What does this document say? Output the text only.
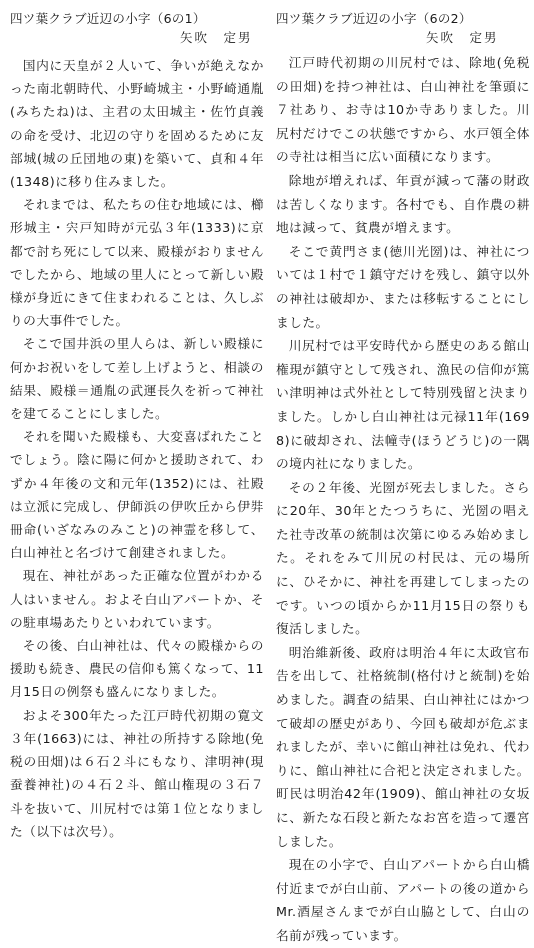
四ツ葉クラブ近辺の小字（6の1）

矢吹　定男

国内に天皇が２人いて、争いが絶えなかった南北朝時代、小野崎城主・小野崎通胤(みちたね)は、主君の太田城主・佐竹貞義の命を受け、北辺の守りを固めるために友部城(城の丘団地の東)を築いて、貞和４年(1348)に移り住みました。

それまでは、私たちの住む地域には、櫛形城主・宍戸知時が元弘３年(1333)に京都で討ち死にして以来、殿様がおりませんでしたから、地域の里人にとって新しい殿様が身近にきて住まわれることは、久しぶりの大事件でした。

そこで国井浜の里人らは、新しい殿様に何かお祝いをして差し上げようと、相談の結果、殿様＝通胤の武運長久を祈って神社を建てることにしました。

それを聞いた殿様も、大変喜ばれたことでしょう。陰に陽に何かと援助されて、わずか４年後の文和元年(1352)には、社殿は立派に完成し、伊師浜の伊吹丘から伊弉冊命(いざなみのみこと)の神霊を移して、白山神社と名づけて創建されました。

現在、神社があった正確な位置がわかる人はいません。およそ白山アパートか、その駐車場あたりといわれています。

その後、白山神社は、代々の殿様からの援助も続き、農民の信仰も篤くなって、11月15日の例祭も盛んになりました。

およそ300年たった江戸時代初期の寛文３年(1663)には、神社の所持する除地(免税の田畑)は６石２斗にもなり、津明神(現蚕養神社)の４石２斗、館山権現の３石７斗を抜いて、川尻村では第１位となりました（以下は次号）。

四ツ葉クラブ近辺の小字（6の2）

矢吹　定男

江戸時代初期の川尻村では、除地(免税の田畑)を持つ神社は、白山神社を筆頭に７社あり、お寺は10か寺ありました。川尻村だけでこの状態ですから、水戸領全体の寺社は相当に広い面積になります。

除地が増えれば、年貢が減って藩の財政は苦しくなります。各村でも、自作農の耕地は減って、貧農が増えます。

そこで黄門さま(徳川光圀)は、神社については１村で１鎮守だけを残し、鎮守以外の神社は破却か、または移転することにしました。

川尻村では平安時代から歴史のある館山権現が鎮守として残され、漁民の信仰が篤い津明神は式外社として特別残留と決まりました。しかし白山神社は元禄11年(1698)に破却され、法幢寺(ほうどうじ)の一隅の境内社になりました。

その２年後、光圀が死去しました。さらに20年、30年とたつうちに、光圀の唱えた社寺改革の統制は次第にゆるみ始めました。それをみて川尻の村民は、元の場所に、ひそかに、神社を再建してしまったのです。いつの頃からか11月15日の祭りも復活しました。

明治維新後、政府は明治４年に太政官布告を出して、社格統制(格付けと統制)を始めました。調査の結果、白山神社にはかつて破却の歴史があり、今回も破却が危ぶまれましたが、幸いに館山神社は免れ、代わりに、館山神社に合祀と決定されました。町民は明治42年(1909)、館山神社の女坂に、新たな石段と新たなお宮を造って遷宮しました。

現在の小字で、白山アパートから白山橋付近までが白山前、アパートの後の道からMr.酒屋さんまでが白山脇として、白山の名前が残っています。
